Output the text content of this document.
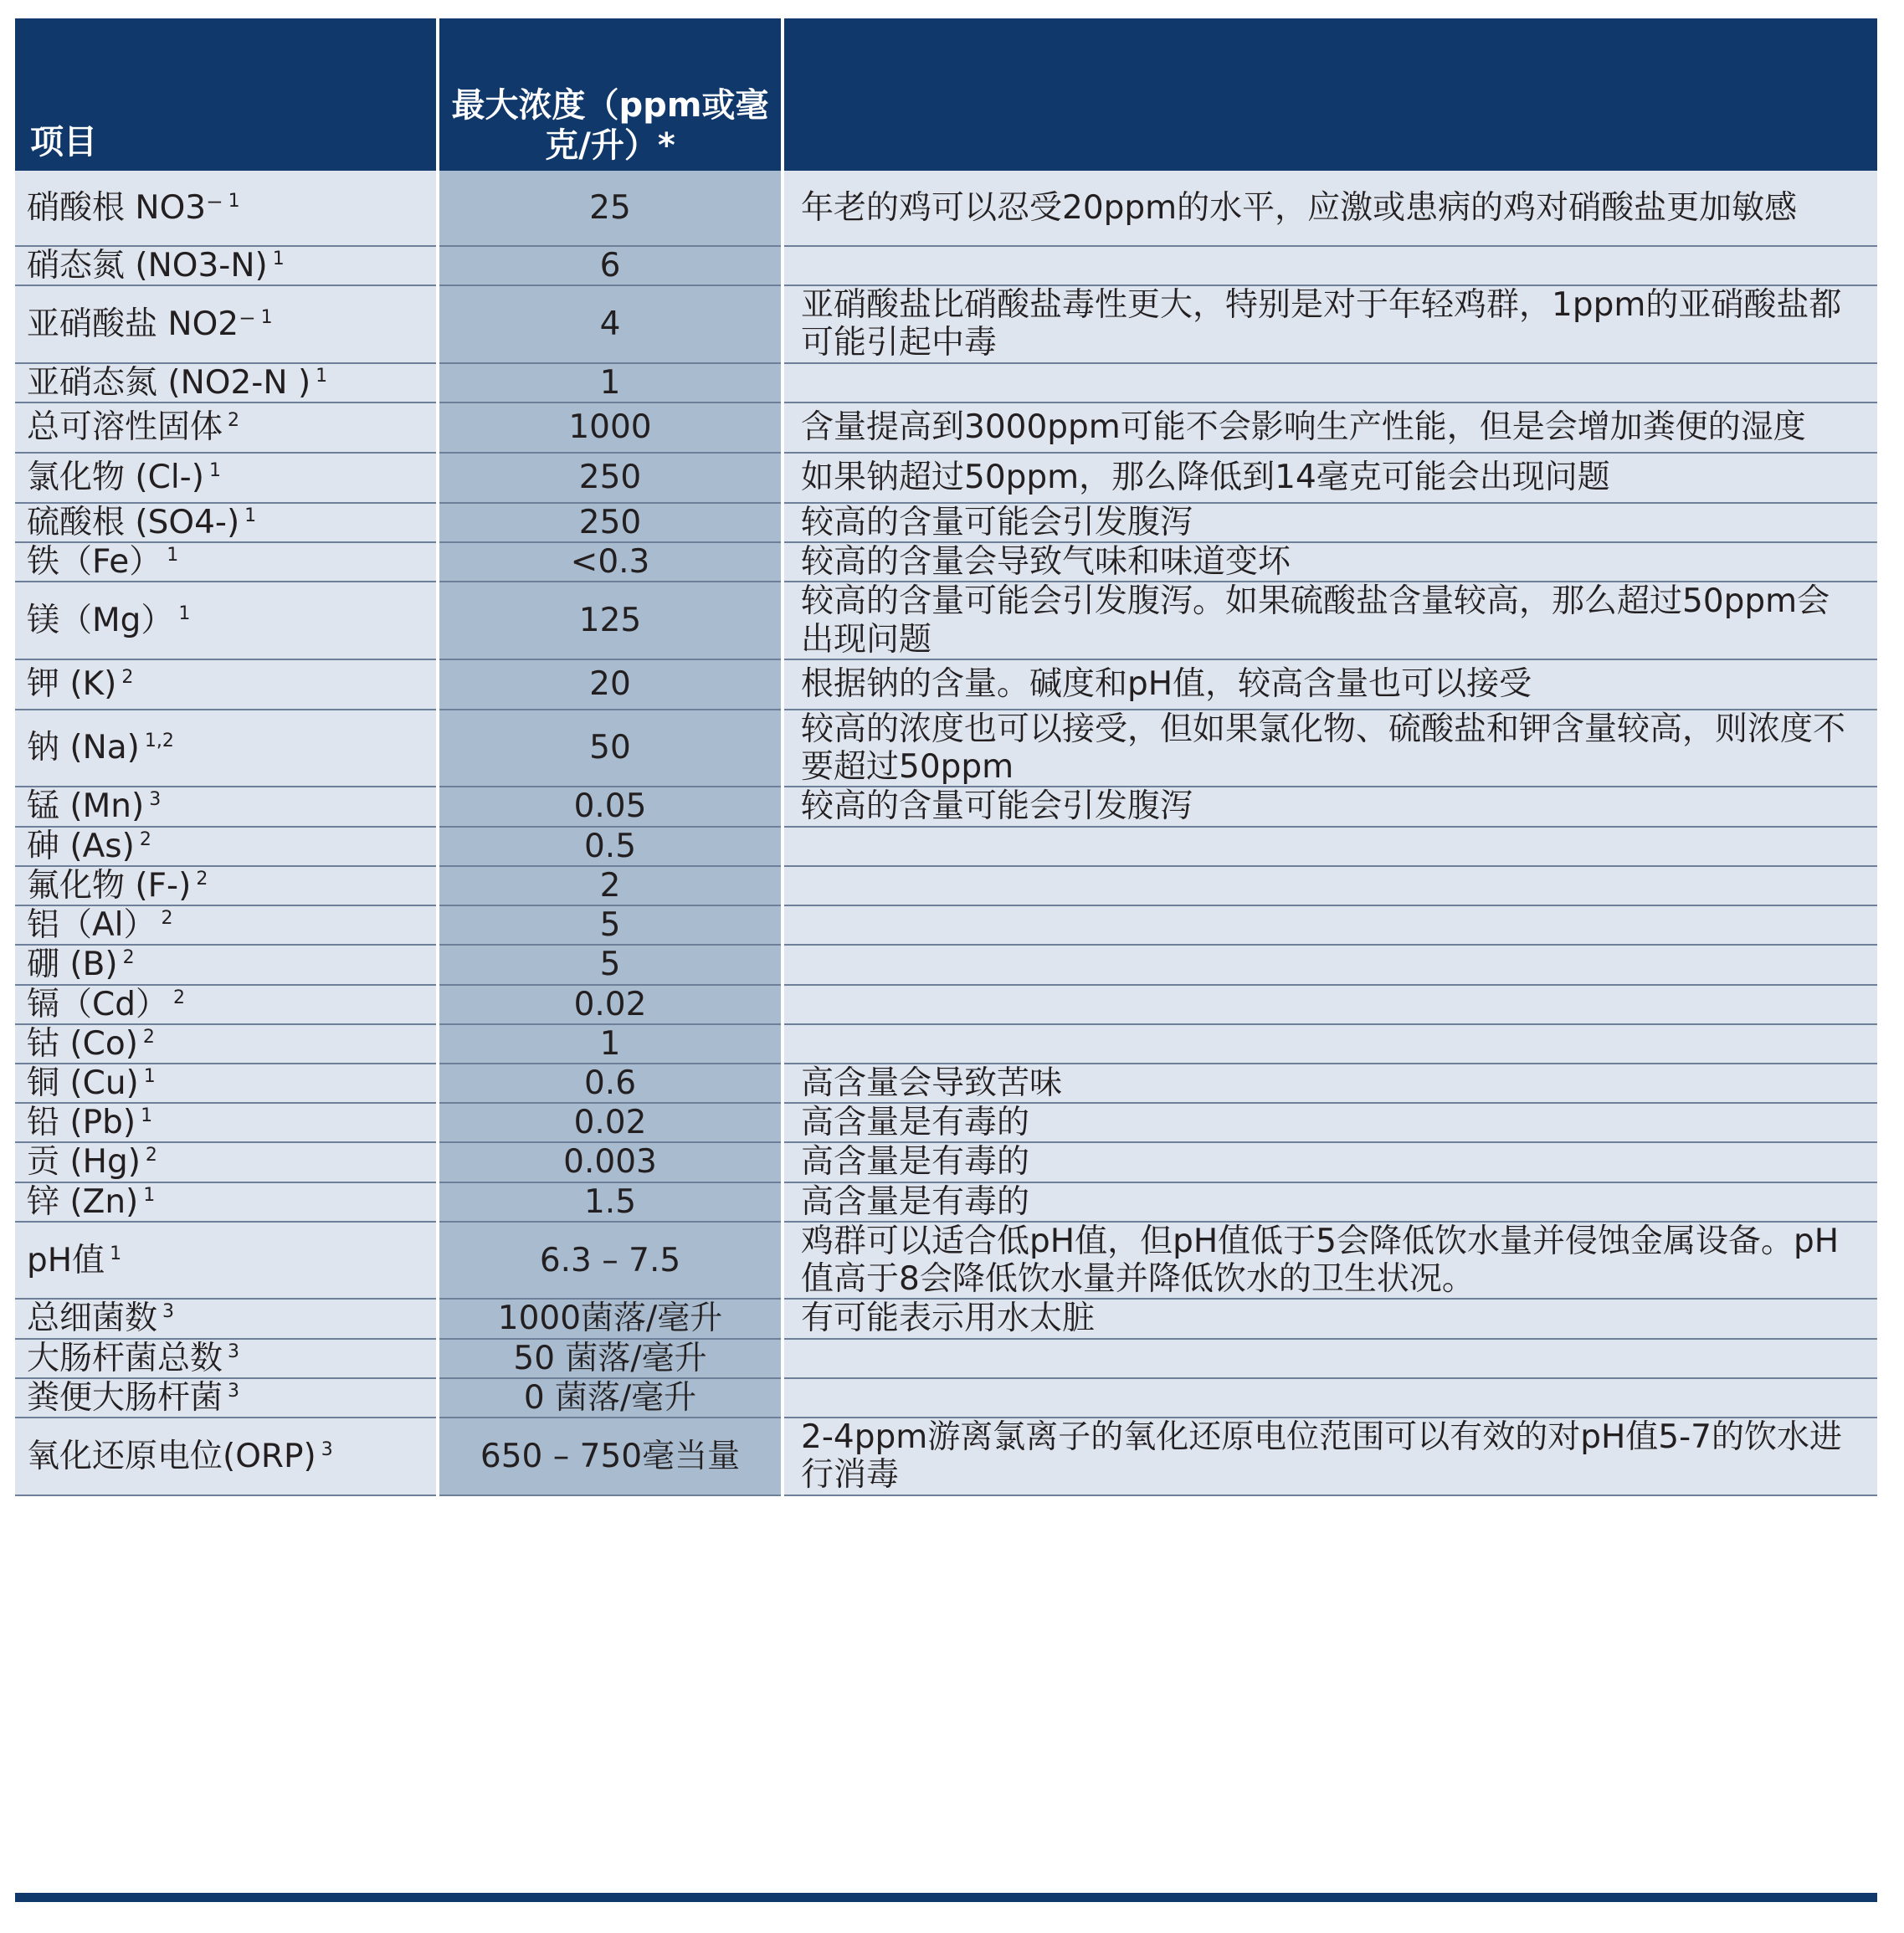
项目	最大浓度（ppm或毫克/升）*	
硝酸根 NO3⁻ $^1$	25	年老的鸡可以忍受20ppm的水平，应激或患病的鸡对硝酸盐更加敏感
硝态氮 (NO3-N) $^1$	6	
亚硝酸盐 NO2⁻ $^1$	4	亚硝酸盐比硝酸盐毒性更大，特别是对于年轻鸡群，1ppm的亚硝酸盐都可能引起中毒
亚硝态氮 (NO2-N ) $^1$	1	
总可溶性固体 $^2$	1000	含量提高到3000ppm可能不会影响生产性能，但是会增加粪便的湿度
氯化物 (Cl-) $^1$	250	如果钠超过50ppm，那么降低到14毫克可能会出现问题
硫酸根 (SO4-) $^1$	250	较高的含量可能会引发腹泻
铁（Fe） $^1$	<0.3	较高的含量会导致气味和味道变坏
镁（Mg） $^1$	125	较高的含量可能会引发腹泻。如果硫酸盐含量较高，那么超过50ppm会出现问题
钾 (K) $^2$	20	根据钠的含量。碱度和pH值，较高含量也可以接受
钠 (Na) $^{1,2}$	50	较高的浓度也可以接受，但如果氯化物、硫酸盐和钾含量较高，则浓度不要超过50ppm
锰 (Mn) $^3$	0.05	较高的含量可能会引发腹泻
砷 (As) $^2$	0.5	
氟化物 (F-) $^2$	2	
铝（Al） $^2$	5	
硼 (B) $^2$	5	
镉（Cd） $^2$	0.02	
钴 (Co) $^2$	1	
铜 (Cu) $^1$	0.6	高含量会导致苦味
铅 (Pb) $^1$	0.02	高含量是有毒的
贡 (Hg) $^2$	0.003	高含量是有毒的
锌 (Zn) $^1$	1.5	高含量是有毒的
pH值 $^1$	6.3 – 7.5	鸡群可以适合低pH值，但pH值低于5会降低饮水量并侵蚀金属设备。pH值高于8会降低饮水量并降低饮水的卫生状况。
总细菌数 $^3$	1000菌落/毫升	有可能表示用水太脏
大肠杆菌总数 $^3$	50 菌落/毫升	
粪便大肠杆菌 $^3$	0 菌落/毫升	
氧化还原电位(ORP) $^3$	650 – 750毫当量	2-4ppm游离氯离子的氧化还原电位范围可以有效的对pH值5-7的饮水进行消毒
